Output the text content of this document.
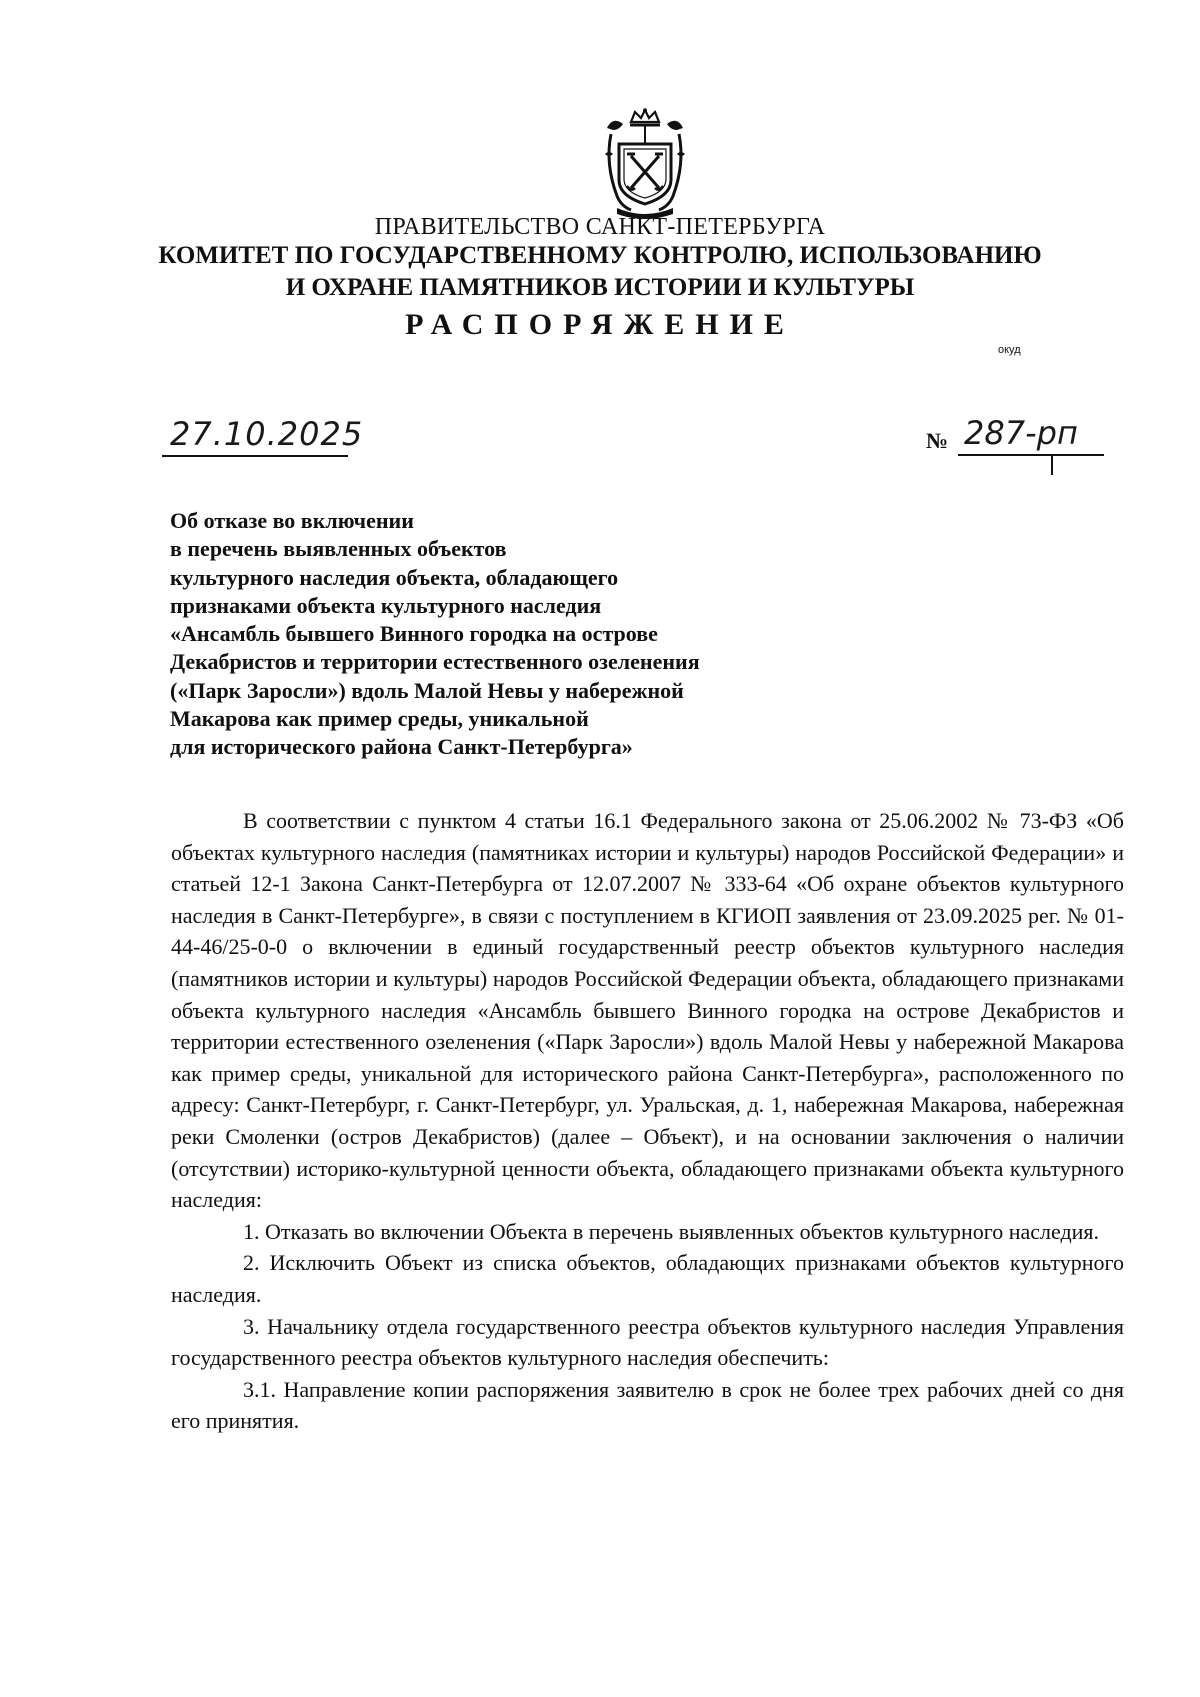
ПРАВИТЕЛЬСТВО САНКТ-ПЕТЕРБУРГА
КОМИТЕТ ПО ГОСУДАРСТВЕННОМУ КОНТРОЛЮ, ИСПОЛЬЗОВАНИЮ
И ОХРАНЕ ПАМЯТНИКОВ ИСТОРИИ И КУЛЬТУРЫ
РАСПОРЯЖЕНИЕ
окуд
27.10.2025	№ 287-рп
Об отказе во включении
в перечень выявленных объектов
культурного наследия объекта, обладающего
признаками объекта культурного наследия
«Ансамбль бывшего Винного городка на острове
Декабристов и территории естественного озеленения
(«Парк Заросли») вдоль Малой Невы у набережной
Макарова как пример среды, уникальной
для исторического района Санкт-Петербурга»

В соответствии с пунктом 4 статьи 16.1 Федерального закона от 25.06.2002 № 73-ФЗ «Об объектах культурного наследия (памятниках истории и культуры) народов Российской Федерации» и статьей 12-1 Закона Санкт-Петербурга от 12.07.2007 № 333-64 «Об охране объектов культурного наследия в Санкт-Петербурге», в связи с поступлением в КГИОП заявления от 23.09.2025 рег. № 01-44-46/25-0-0 о включении в единый государственный реестр объектов культурного наследия (памятников истории и культуры) народов Российской Федерации объекта, обладающего признаками объекта культурного наследия «Ансамбль бывшего Винного городка на острове Декабристов и территории естественного озеленения («Парк Заросли») вдоль Малой Невы у набережной Макарова как пример среды, уникальной для исторического района Санкт-Петербурга», расположенного по адресу: Санкт-Петербург, г. Санкт-Петербург, ул. Уральская, д. 1, набережная Макарова, набережная реки Смоленки (остров Декабристов) (далее – Объект), и на основании заключения о наличии (отсутствии) историко-культурной ценности объекта, обладающего признаками объекта культурного наследия:

1. Отказать во включении Объекта в перечень выявленных объектов культурного наследия.

2. Исключить Объект из списка объектов, обладающих признаками объектов культурного наследия.

3. Начальнику отдела государственного реестра объектов культурного наследия Управления государственного реестра объектов культурного наследия обеспечить:

3.1. Направление копии распоряжения заявителю в срок не более трех рабочих дней со дня его принятия.
